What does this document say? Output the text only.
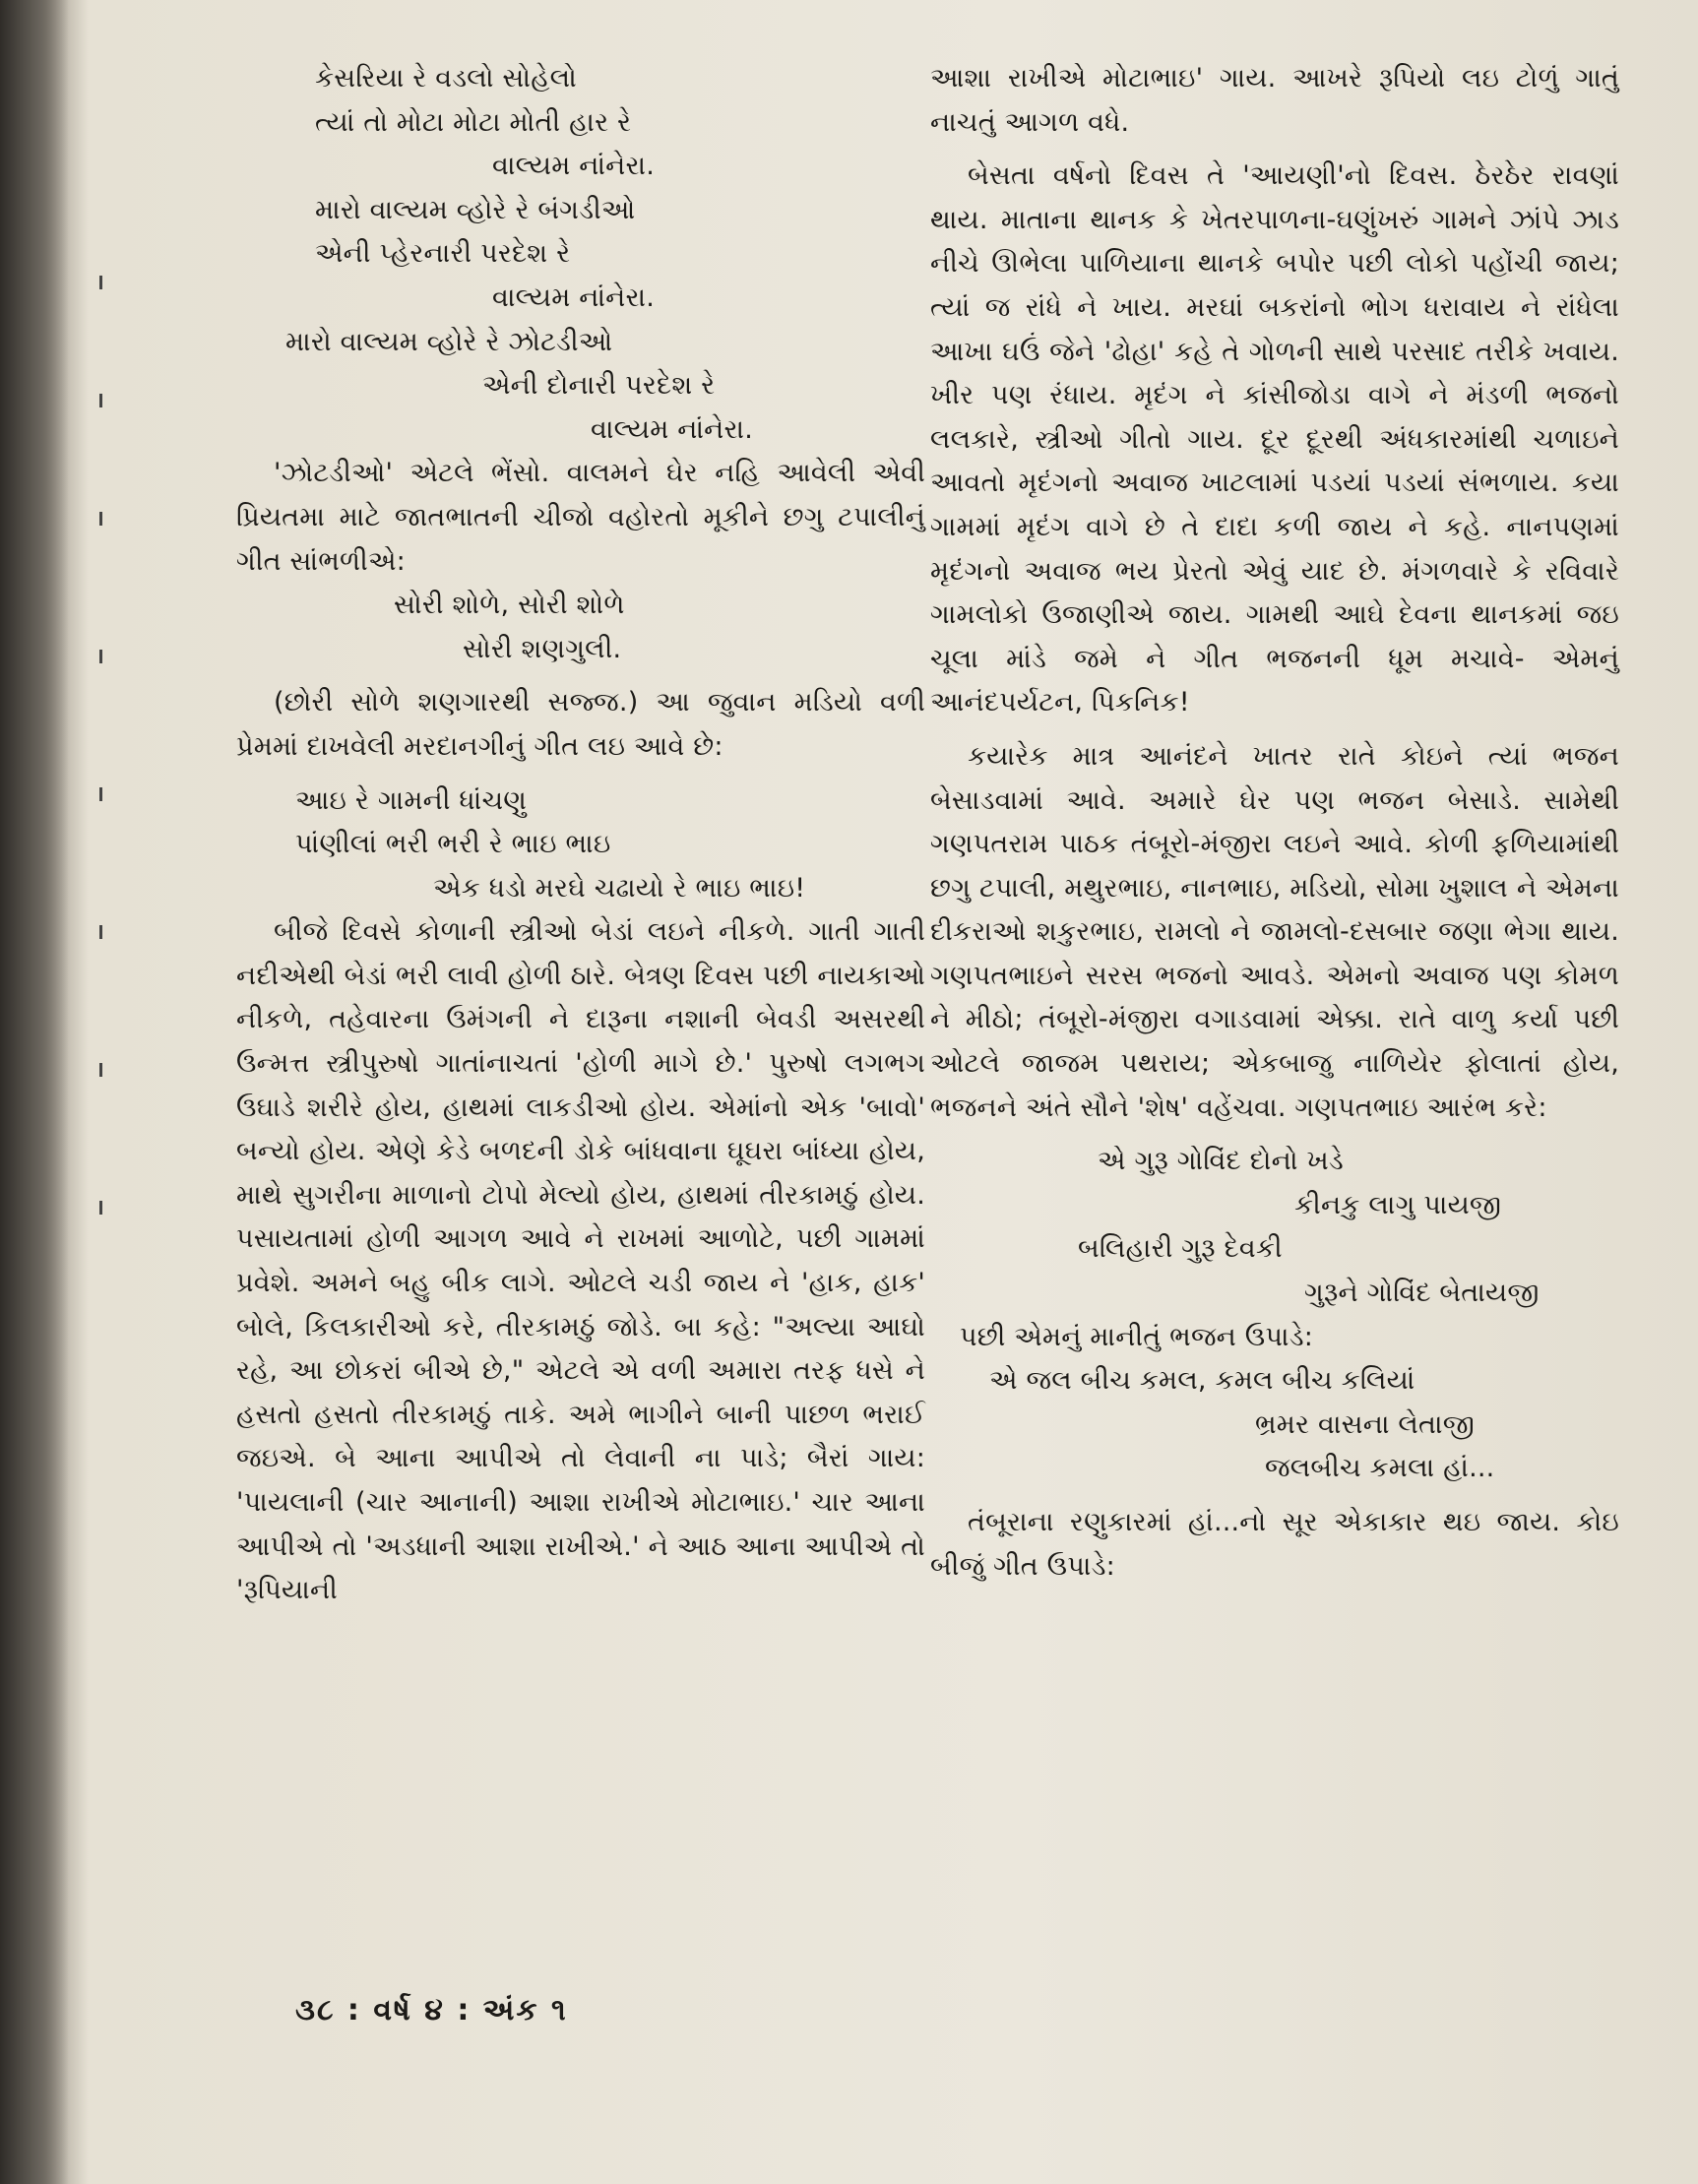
કેસરિયા રે વડલો સોહેલો

ત્યાં તો મોટા મોટા મોતી હાર રે

વાલ્યમ નાંનેરા.

મારો વાલ્યમ વ્હોરે રે બંગડીઓ

એની પ્હેરનારી પરદેશ રે

વાલ્યમ નાંનેરા.

મારો વાલ્યમ વ્હોરે રે ઝોટડીઓ

એની દોનારી પરદેશ રે

વાલ્યમ નાંનેરા.

'ઝોટડીઓ' એટલે ભેંસો. વાલમને ઘેર નહિ આવેલી એવી પ્રિયતમા માટે જાતભાતની ચીજો વહોરતો મૂકીને છગુ ટપાલીનું ગીત સાંભળીએ:

સોરી શોળે, સોરી શોળે

સોરી શણગુલી.

(છોરી સોળે શણગારથી સજ્જ.) આ જુવાન મડિયો વળી પ્રેમમાં દાખવેલી મરદાનગીનું ગીત લઇ આવે છે:

આઇ રે ગામની ધાંચણુ

પાંણીલાં ભરી ભરી રે ભાઇ ભાઇ

એક ધડો મરઘે ચઢાયો રે ભાઇ ભાઇ!

બીજે દિવસે કોળાની સ્ત્રીઓ બેડાં લઇને નીકળે. ગાતી ગાતી નદીએથી બેડાં ભરી લાવી હોળી ઠારે. બેત્રણ દિવસ પછી નાયકાઓ નીકળે, તહેવારના ઉમંગની ને દારૂના નશાની બેવડી અસરથી ઉન્મત્ત સ્ત્રીપુરુષો ગાતાંનાચતાં 'હોળી માગે છે.' પુરુષો લગભગ ઉઘાડે શરીરે હોય, હાથમાં લાકડીઓ હોય. એમાંનો એક 'બાવો' બન્યો હોય. એણે કેડે બળદની ડોકે બાંધવાના ઘૂઘરા બાંધ્યા હોય, માથે સુગરીના માળાનો ટોપો મેલ્યો હોય, હાથમાં તીરકામઠું હોય. પસાયતામાં હોળી આગળ આવે ને રાખમાં આળોટે, પછી ગામમાં પ્રવેશે. અમને બહુ બીક લાગે. ઓટલે ચડી જાય ને 'હાક, હાક' બોલે, કિલકારીઓ કરે, તીરકામઠું જોડે. બા કહે: "અલ્યા આઘો રહે, આ છોકરાં બીએ છે," એટલે એ વળી અમારા તરફ ધસે ને હસતો હસતો તીરકામઠું તાકે. અમે ભાગીને બાની પાછળ ભરાઈ જઇએ. બે આના આપીએ તો લેવાની ના પાડે; બૈરાં ગાય: 'પાયલાની (ચાર આનાની) આશા રાખીએ મોટાભાઇ.' ચાર આના આપીએ તો 'અડધાની આશા રાખીએ.' ને આઠ આના આપીએ તો 'રૂપિયાની

આશા રાખીએ મોટાભાઇ' ગાય. આખરે રૂપિયો લઇ ટોળું ગાતું નાચતું આગળ વધે.

બેસતા વર્ષનો દિવસ તે 'આયણી'નો દિવસ. ઠેરઠેર રાવણાં થાય. માતાના થાનક કે ખેતરપાળના-ઘણુંખરું ગામને ઝાંપે ઝાડ નીચે ઊભેલા પાળિયાના થાનકે બપોર પછી લોકો પહોંચી જાય; ત્યાં જ રાંધે ને ખાય. મરઘાં બકરાંનો ભોગ ધરાવાય ને રાંધેલા આખા ઘઉં જેને 'ઢોહા' કહે તે ગોળની સાથે પરસાદ તરીકે ખવાય. ખીર પણ રંધાય. મૃદંગ ને કાંસીજોડા વાગે ને મંડળી ભજનો લલકારે, સ્ત્રીઓ ગીતો ગાય. દૂર દૂરથી અંધકારમાંથી ચળાઇને આવતો મૃદંગનો અવાજ ખાટલામાં પડયાં પડયાં સંભળાય. કયા ગામમાં મૃદંગ વાગે છે તે દાદા કળી જાય ને કહે. નાનપણમાં મૃદંગનો અવાજ ભય પ્રેરતો એવું યાદ છે. મંગળવારે કે રવિવારે ગામલોકો ઉજાણીએ જાય. ગામથી આઘે દેવના થાનકમાં જઇ ચૂલા માંડે જમે ને ગીત ભજનની ધૂમ મચાવે- એમનું આનંદપર્યટન, પિકનિક!

કયારેક માત્ર આનંદને ખાતર રાતે કોઇને ત્યાં ભજન બેસાડવામાં આવે. અમારે ઘેર પણ ભજન બેસાડે. સામેથી ગણપતરામ પાઠક તંબૂરો-મંજીરા લઇને આવે. કોળી ફળિયામાંથી છગુ ટપાલી, મથુરભાઇ, નાનભાઇ, મડિયો, સોમા ખુશાલ ને એમના દીકરાઓ શકુરભાઇ, રામલો ને જામલો-દસબાર જણા ભેગા થાય. ગણપતભાઇને સરસ ભજનો આવડે. એમનો અવાજ પણ કોમળ ને મીઠો; તંબૂરો-મંજીરા વગાડવામાં એક્કા. રાતે વાળુ કર્યા પછી ઓટલે જાજમ પથરાય; એકબાજુ નાળિયેર ફોલાતાં હોય, ભજનને અંતે સૌને 'શેષ' વહેંચવા. ગણપતભાઇ આરંભ કરે:

એ ગુરૂ ગોવિંદ દોનો ખડે

કીનકુ લાગુ પાયજી

બલિહારી ગુરૂ દેવકી

ગુરૂને ગોવિંદ બેતાયજી

પછી એમનું માનીતું ભજન ઉપાડે:

એ જલ બીચ કમલ, કમલ બીચ કલિયાં

ભ્રમર વાસના લેતાજી

જલબીચ કમલા હાં...

તંબૂરાના રણુકારમાં હાં...નો સૂર એકાકાર થઇ જાય. કોઇ બીજું ગીત ઉપાડે:

૩૮ : વર્ષ ૪ : અંક ૧
